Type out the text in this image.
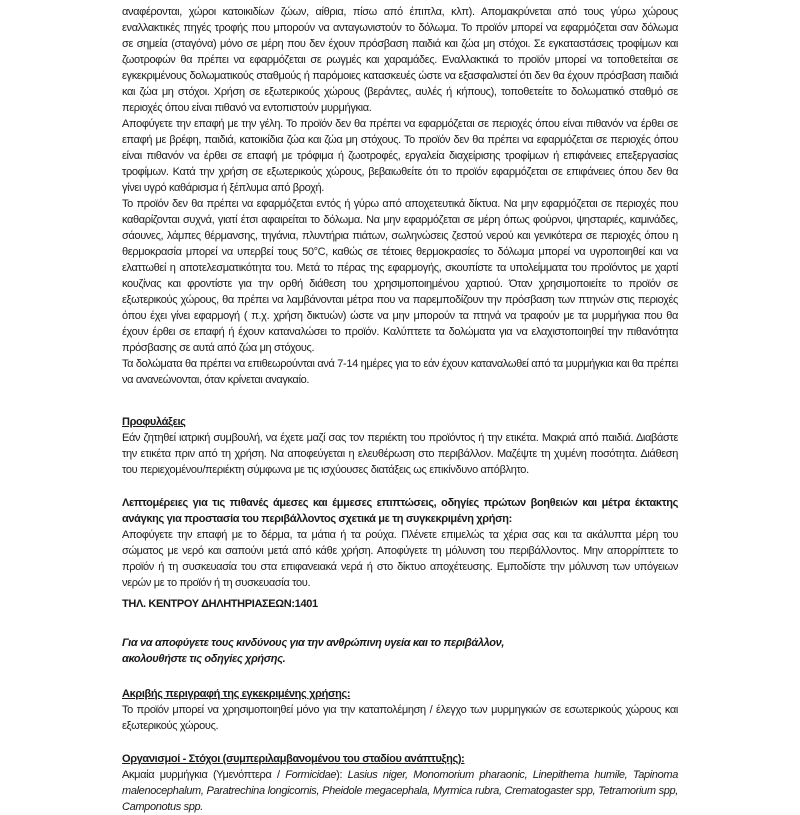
αναφέρονται, χώροι κατοικιδίων ζώων, αίθρια, πίσω από έπιπλα, κλπ). Απομακρύνεται από τους γύρω χώρους εναλλακτικές πηγές τροφής που μπορούν να ανταγωνιστούν το δόλωμα. Το προϊόν μπορεί να εφαρμόζεται σαν δόλωμα σε σημεία (σταγόνα) μόνο σε μέρη που δεν έχουν πρόσβαση παιδιά και ζώα μη στόχοι. Σε εγκαταστάσεις τροφίμων και ζωοτροφών θα πρέπει να εφαρμόζεται σε ρωγμές και χαραμάδες. Εναλλακτικά το προϊόν μπορεί να τοποθετείται σε εγκεκριμένους δολωματικούς σταθμούς ή παρόμοιες κατασκευές ώστε να εξασφαλιστεί ότι δεν θα έχουν πρόσβαση παιδιά και ζώα μη στόχοι. Χρήση σε εξωτερικούς χώρους (βεράντες, αυλές ή κήπους), τοποθετείτε το δολωματικό σταθμό σε περιοχές όπου είναι πιθανό να εντοπιστούν μυρμήγκια.

Αποφύγετε την επαφή με την γέλη. Το προϊόν δεν θα πρέπει να εφαρμόζεται σε περιοχές όπου είναι πιθανόν να έρθει σε επαφή με βρέφη, παιδιά, κατοικίδια ζώα και ζώα μη στόχους. Το προϊόν δεν θα πρέπει να εφαρμόζεται σε περιοχές όπου είναι πιθανόν να έρθει σε επαφή με τρόφιμα ή ζωοτροφές, εργαλεία διαχείρισης τροφίμων ή επιφάνειες επεξεργασίας τροφίμων. Κατά την χρήση σε εξωτερικούς χώρους, βεβαιωθείτε ότι το προϊόν εφαρμόζεται σε επιφάνειες όπου δεν θα γίνει υγρό καθάρισμα ή ξέπλυμα από βροχή.

Το προϊόν δεν θα πρέπει να εφαρμόζεται εντός ή γύρω από αποχετευτικά δίκτυα. Να μην εφαρμόζεται σε περιοχές που καθαρίζονται συχνά, γιατί έτσι αφαιρείται το δόλωμα. Να μην εφαρμόζεται σε μέρη όπως φούρνοι, ψησταριές, καμινάδες, σάουνες, λάμπες θέρμανσης, τηγάνια, πλυντήρια πιάτων, σωληνώσεις ζεστού νερού και γενικότερα σε περιοχές όπου η θερμοκρασία μπορεί να υπερβεί τους 50°C, καθώς σε τέτοιες θερμοκρασίες το δόλωμα μπορεί να υγροποιηθεί και να ελαττωθεί η αποτελεσματικότητα του. Μετά το πέρας της εφαρμογής, σκουπίστε τα υπολείμματα του προϊόντος με χαρτί κουζίνας και φροντίστε για την ορθή διάθεση του χρησιμοποιημένου χαρτιού. Όταν χρησιμοποιείτε το προϊόν σε εξωτερικούς χώρους, θα πρέπει να λαμβάνονται μέτρα που να παρεμποδίζουν την πρόσβαση των πτηνών στις περιοχές όπου έχει γίνει εφαρμογή ( π.χ. χρήση δικτυών) ώστε να μην μπορούν τα πτηνά να τραφούν με τα μυρμήγκια που θα έχουν έρθει σε επαφή ή έχουν καταναλώσει το προϊόν. Καλύπτετε τα δολώματα για να ελαχιστοποιηθεί την πιθανότητα πρόσβασης σε αυτά από ζώα μη στόχους.

Τα δολώματα θα πρέπει να επιθεωρούνται ανά 7-14 ημέρες για το εάν έχουν καταναλωθεί από τα μυρμήγκια και θα πρέπει να ανανεώνονται, όταν κρίνεται αναγκαίο.

Προφυλάξεις

Εάν ζητηθεί ιατρική συμβουλή, να έχετε μαζί σας τον περιέκτη του προϊόντος ή την ετικέτα. Μακριά από παιδιά. Διαβάστε την ετικέτα πριν από τη χρήση. Να αποφεύγεται η ελευθέρωση στο περιβάλλον. Μαζέψτε τη χυμένη ποσότητα. Διάθεση του περιεχομένου/περιέκτη σύμφωνα με τις ισχύουσες διατάξεις ως επικίνδυνο απόβλητο.

Λεπτομέρειες για τις πιθανές άμεσες και έμμεσες επιπτώσεις, οδηγίες πρώτων βοηθειών και μέτρα έκτακτης ανάγκης για προστασία του περιβάλλοντος σχετικά με τη συγκεκριμένη χρήση:

Αποφύγετε την επαφή με το δέρμα, τα μάτια ή τα ρούχα. Πλένετε επιμελώς τα χέρια σας και τα ακάλυπτα μέρη του σώματος με νερό και σαπούνι μετά από κάθε χρήση. Αποφύγετε τη μόλυνση του περιβάλλοντος. Μην απορρίπτετε το προϊόν ή τη συσκευασία του στα επιφανειακά νερά ή στο δίκτυο αποχέτευσης. Εμποδίστε την μόλυνση των υπόγειων νερών με τo προϊόν ή τη συσκευασία του.

ΤΗΛ. ΚΕΝΤΡΟΥ ΔΗΛΗΤΗΡΙΑΣΕΩΝ:1401

Για να αποφύγετε τους κινδύνους για την ανθρώπινη υγεία και το περιβάλλον,

ακολουθήστε τις οδηγίες χρήσης.

Ακριβής περιγραφή της εγκεκριμένης χρήσης:

Το προϊόν μπορεί να χρησιμοποιηθεί μόνο για την καταπολέμηση / έλεγχο των μυρμηγκιών σε εσωτερικούς χώρους και εξωτερικούς χώρους.

Οργανισμοί - Στόχοι (συμπεριλαμβανομένου του σταδίου ανάπτυξης):

Ακμαία μυρμήγκια (Υμενόπτερα / Formicidae): Lasius niger, Monomorium pharaonic, Linepithema humile, Tapinoma malenocephalum, Paratrechina longicornis, Pheidole megacephala, Myrmica rubra, Crematogaster spp, Tetramorium spp, Camponotus spp.
